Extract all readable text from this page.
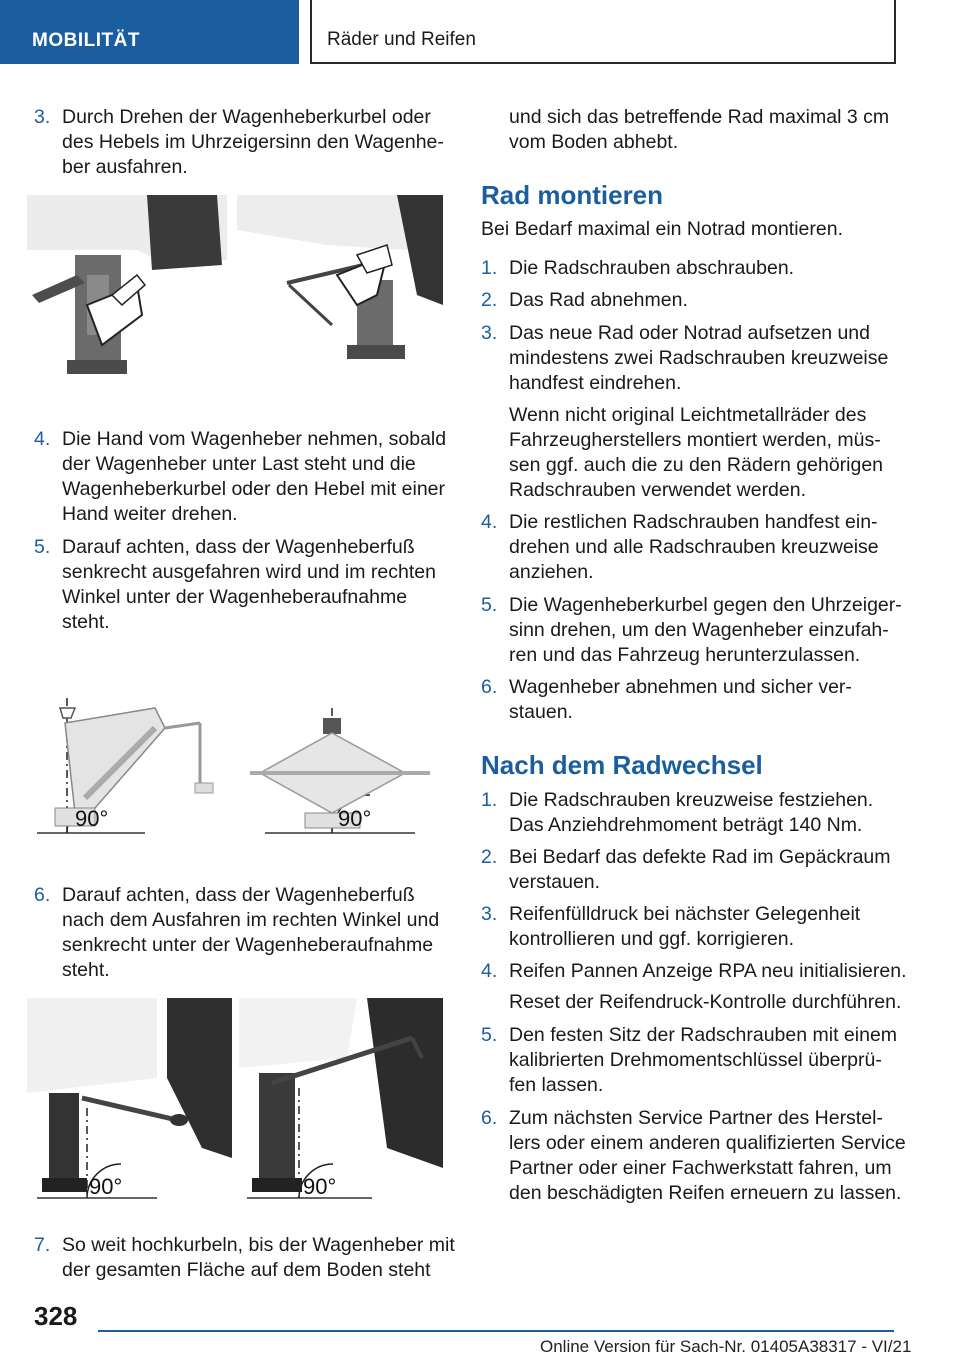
MOBILITÄT	Räder und Reifen
3. Durch Drehen der Wagenheberkurbel oder
des Hebels im Uhrzeigersinn den Wagenhe-
ber ausfahren.
4. Die Hand vom Wagenheber nehmen, sobald
der Wagenheber unter Last steht und die
Wagenheberkurbel oder den Hebel mit einer
Hand weiter drehen.
5. Darauf achten, dass der Wagenheberfuß
senkrecht ausgefahren wird und im rechten
Winkel unter der Wagenheberaufnahme
steht.
90°	90°
6. Darauf achten, dass der Wagenheberfuß
nach dem Ausfahren im rechten Winkel und
senkrecht unter der Wagenheberaufnahme
steht.
90°	90°
7. So weit hochkurbeln, bis der Wagenheber mit
der gesamten Fläche auf dem Boden steht
und sich das betreffende Rad maximal 3 cm
vom Boden abhebt.
Rad montieren
Bei Bedarf maximal ein Notrad montieren.
1. Die Radschrauben abschrauben.
2. Das Rad abnehmen.
3. Das neue Rad oder Notrad aufsetzen und
mindestens zwei Radschrauben kreuzweise
handfest eindrehen.
Wenn nicht original Leichtmetallräder des
Fahrzeugherstellers montiert werden, müs-
sen ggf. auch die zu den Rädern gehörigen
Radschrauben verwendet werden.
4. Die restlichen Radschrauben handfest ein-
drehen und alle Radschrauben kreuzweise
anziehen.
5. Die Wagenheberkurbel gegen den Uhrzeiger-
sinn drehen, um den Wagenheber einzufah-
ren und das Fahrzeug herunterzulassen.
6. Wagenheber abnehmen und sicher ver-
stauen.
Nach dem Radwechsel
1. Die Radschrauben kreuzweise festziehen.
Das Anziehdrehmoment beträgt 140 Nm.
2. Bei Bedarf das defekte Rad im Gepäckraum
verstauen.
3. Reifenfülldruck bei nächster Gelegenheit
kontrollieren und ggf. korrigieren.
4. Reifen Pannen Anzeige RPA neu initialisieren.
Reset der Reifendruck-Kontrolle durchführen.
5. Den festen Sitz der Radschrauben mit einem
kalibrierten Drehmomentschlüssel überprü-
fen lassen.
6. Zum nächsten Service Partner des Herstel-
lers oder einem anderen qualifizierten Service
Partner oder einer Fachwerkstatt fahren, um
den beschädigten Reifen erneuern zu lassen.
328
Online Version für Sach-Nr. 01405A38317 - VI/21
